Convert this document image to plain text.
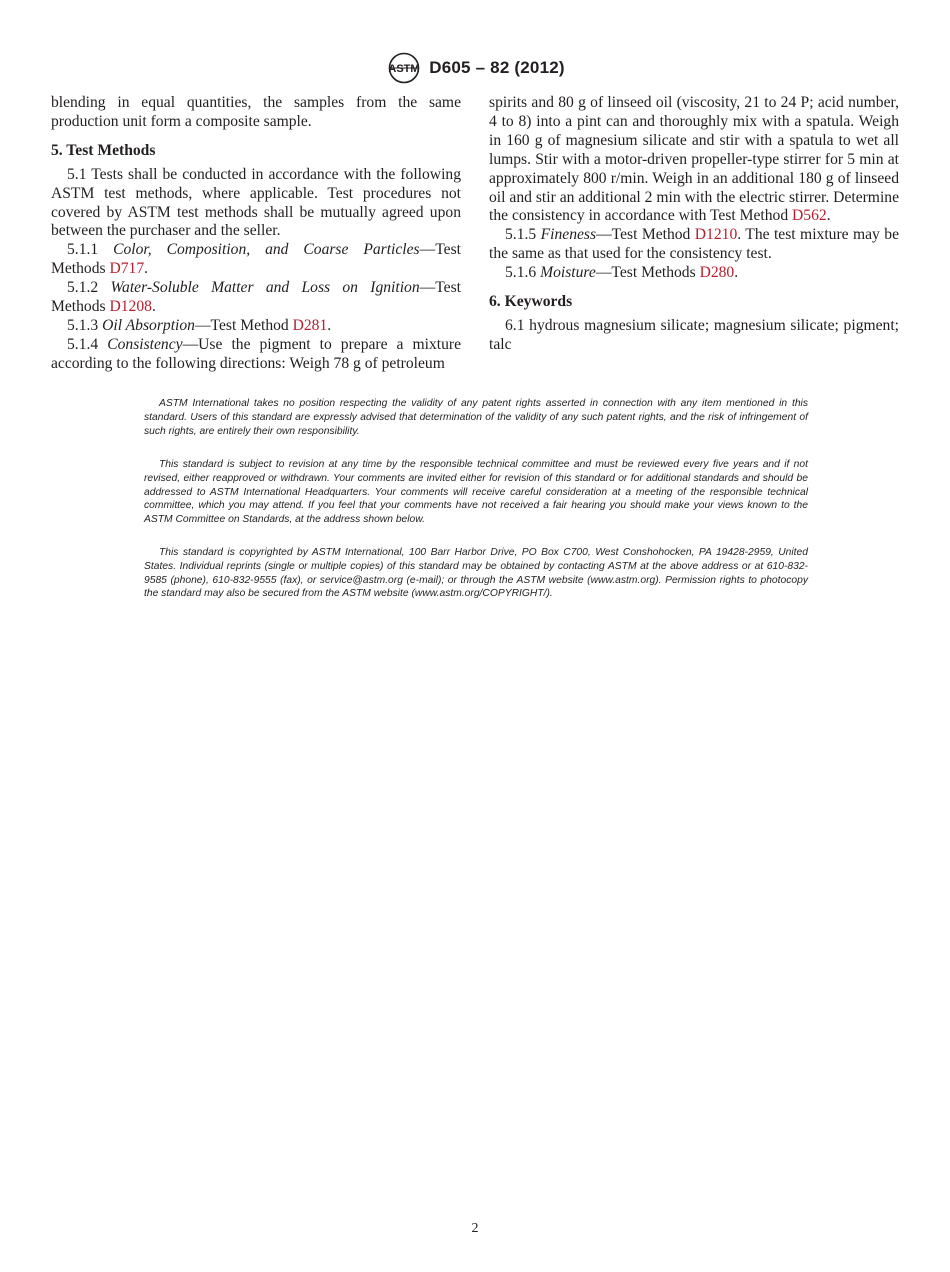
ASTM D605 – 82 (2012)

blending in equal quantities, the samples from the same production unit form a composite sample.

5. Test Methods

5.1 Tests shall be conducted in accordance with the following ASTM test methods, where applicable. Test procedures not covered by ASTM test methods shall be mutually agreed upon between the purchaser and the seller.

5.1.1 Color, Composition, and Coarse Particles—Test Methods D717.

5.1.2 Water-Soluble Matter and Loss on Ignition—Test Methods D1208.

5.1.3 Oil Absorption—Test Method D281.

5.1.4 Consistency—Use the pigment to prepare a mixture according to the following directions: Weigh 78 g of petroleum

spirits and 80 g of linseed oil (viscosity, 21 to 24 P; acid number, 4 to 8) into a pint can and thoroughly mix with a spatula. Weigh in 160 g of magnesium silicate and stir with a spatula to wet all lumps. Stir with a motor-driven propeller-type stirrer for 5 min at approximately 800 r/min. Weigh in an additional 180 g of linseed oil and stir an additional 2 min with the electric stirrer. Determine the consistency in accordance with Test Method D562.

5.1.5 Fineness—Test Method D1210. The test mixture may be the same as that used for the consistency test.

5.1.6 Moisture—Test Methods D280.

6. Keywords

6.1 hydrous magnesium silicate; magnesium silicate; pigment; talc

ASTM International takes no position respecting the validity of any patent rights asserted in connection with any item mentioned in this standard. Users of this standard are expressly advised that determination of the validity of any such patent rights, and the risk of infringement of such rights, are entirely their own responsibility.

This standard is subject to revision at any time by the responsible technical committee and must be reviewed every five years and if not revised, either reapproved or withdrawn. Your comments are invited either for revision of this standard or for additional standards and should be addressed to ASTM International Headquarters. Your comments will receive careful consideration at a meeting of the responsible technical committee, which you may attend. If you feel that your comments have not received a fair hearing you should make your views known to the ASTM Committee on Standards, at the address shown below.

This standard is copyrighted by ASTM International, 100 Barr Harbor Drive, PO Box C700, West Conshohocken, PA 19428-2959, United States. Individual reprints (single or multiple copies) of this standard may be obtained by contacting ASTM at the above address or at 610-832-9585 (phone), 610-832-9555 (fax), or service@astm.org (e-mail); or through the ASTM website (www.astm.org). Permission rights to photocopy the standard may also be secured from the ASTM website (www.astm.org/COPYRIGHT/).

2
